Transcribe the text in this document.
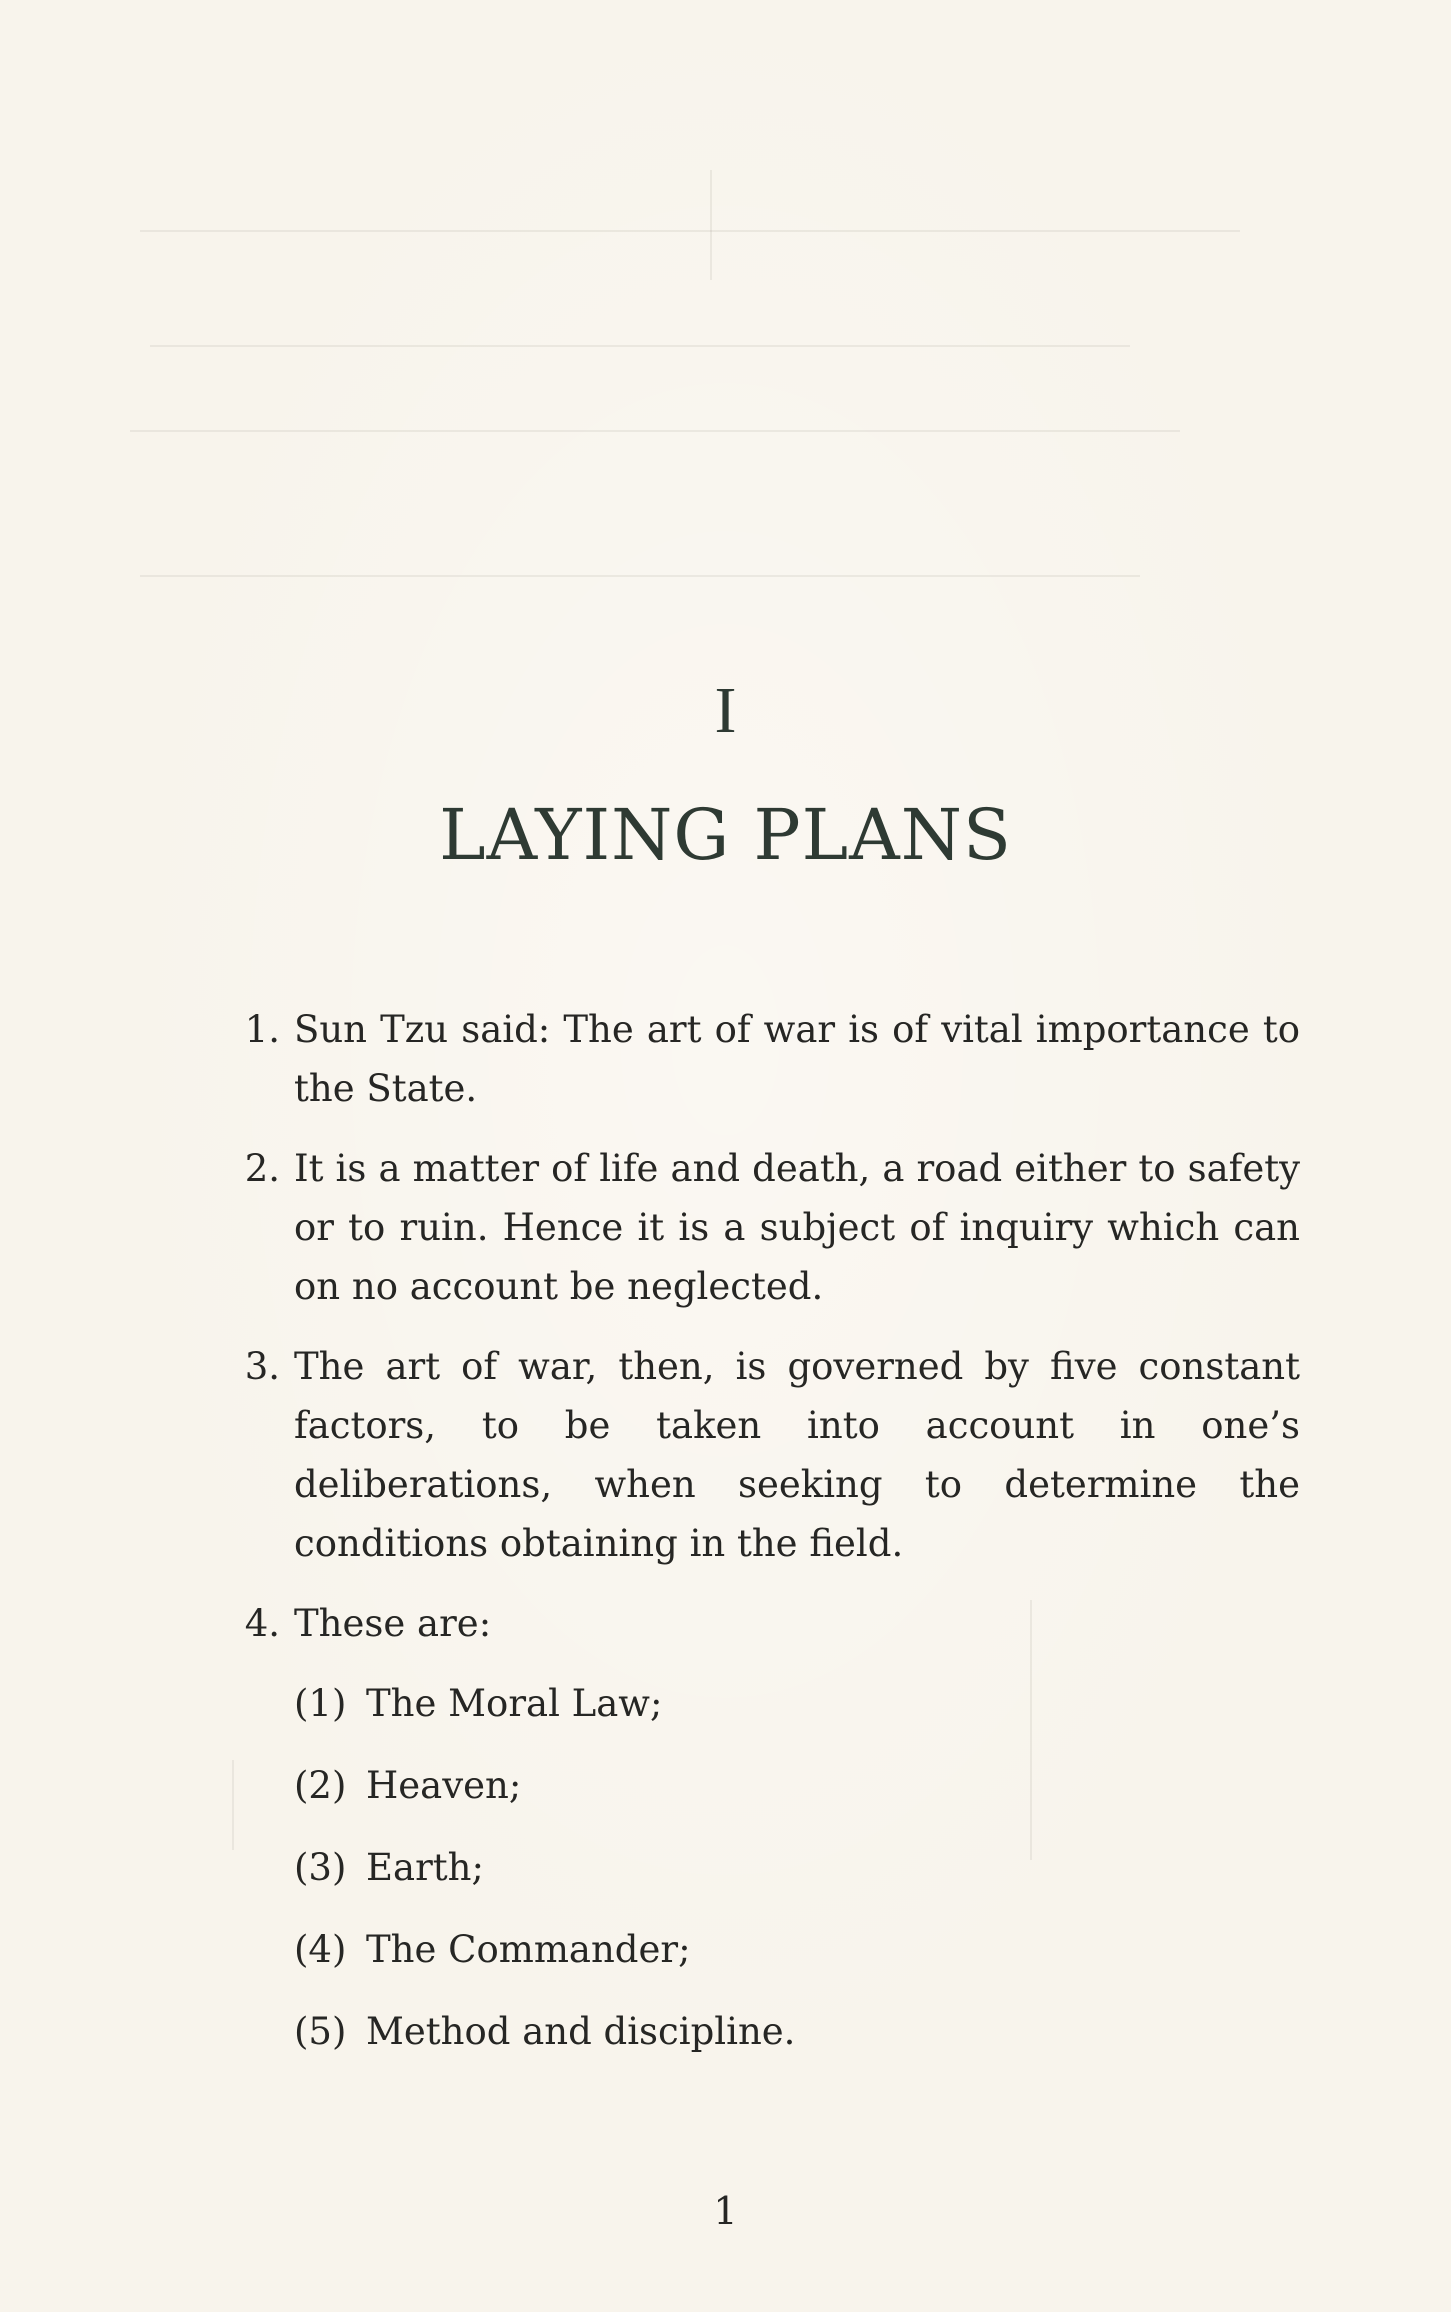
I
LAYING PLANS
1. Sun Tzu said: The art of war is of vital importance to the State.
2. It is a matter of life and death, a road either to safety or to ruin. Hence it is a subject of inquiry which can on no account be neglected.
3. The art of war, then, is governed by five constant factors, to be taken into account in one’s deliberations, when seeking to determine the conditions obtaining in the field.
4. These are:
(1) The Moral Law;
(2) Heaven;
(3) Earth;
(4) The Commander;
(5) Method and discipline.
1
